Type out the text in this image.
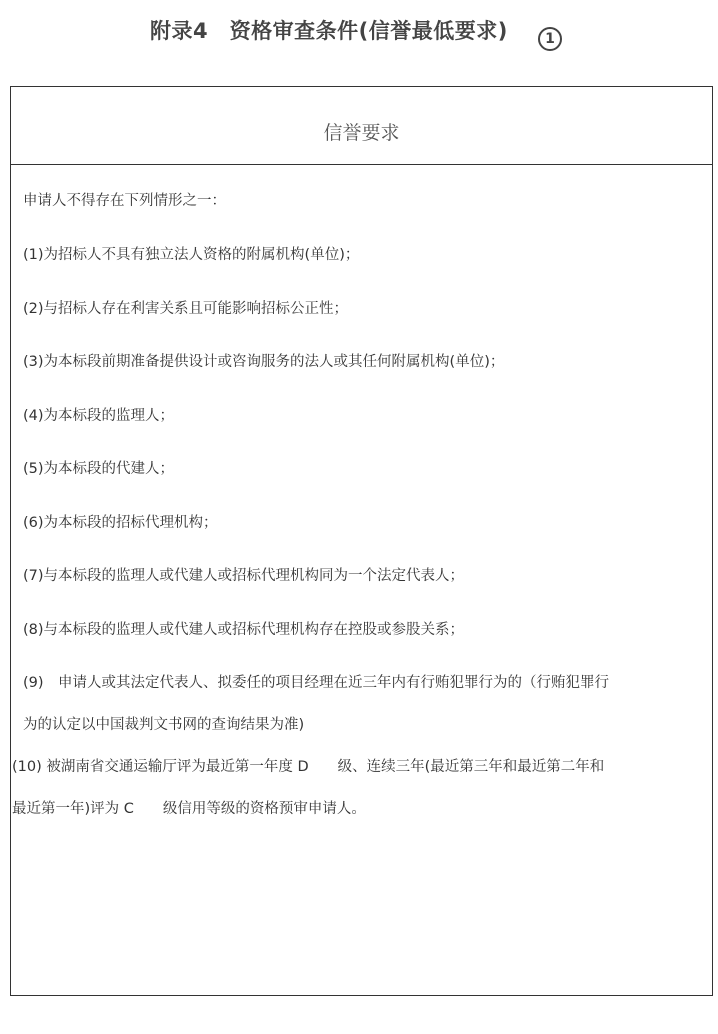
附录4　资格审查条件(信誉最低要求)	1
信誉要求
申请人不得存在下列情形之一：
(1)为招标人不具有独立法人资格的附属机构(单位)；
(2)与招标人存在利害关系且可能影响招标公正性；
(3)为本标段前期准备提供设计或咨询服务的法人或其任何附属机构(单位)；
(4)为本标段的监理人；
(5)为本标段的代建人；
(6)为本标段的招标代理机构；
(7)与本标段的监理人或代建人或招标代理机构同为一个法定代表人；
(8)与本标段的监理人或代建人或招标代理机构存在控股或参股关系；
(9)　申请人或其法定代表人、拟委任的项目经理在近三年内有行贿犯罪行为的（行贿犯罪行
为的认定以中国裁判文书网的查询结果为准)
(10) 被湖南省交通运输厅评为最近第一年度 D　　级、连续三年(最近第三年和最近第二年和
最近第一年)评为 C　　级信用等级的资格预审申请人。
